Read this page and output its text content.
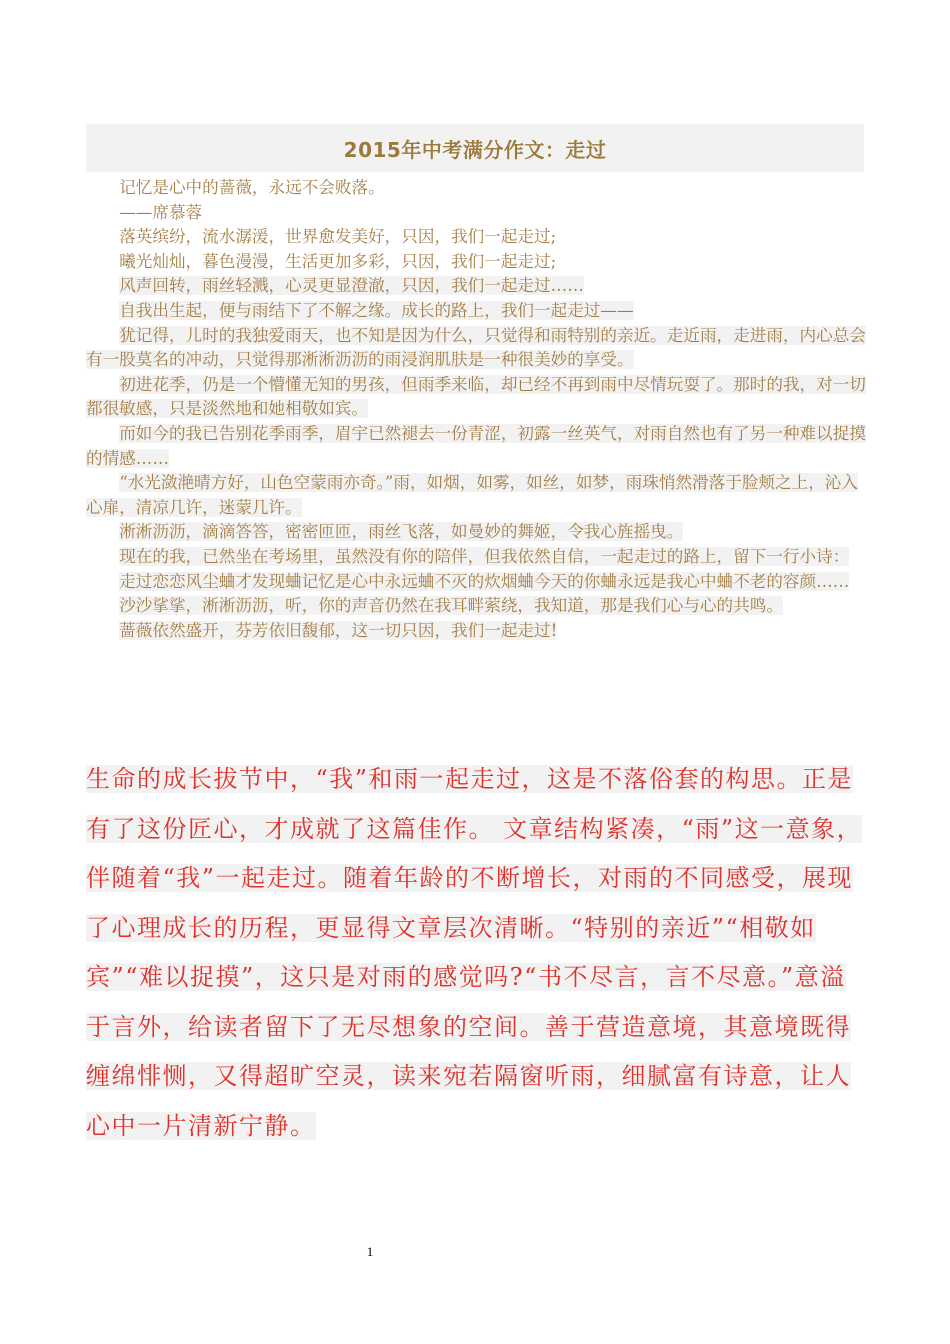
2015年中考满分作文：走过

记忆是心中的蔷薇，永远不会败落。

——席慕蓉

落英缤纷，流水潺湲，世界愈发美好，只因，我们一起走过;

曦光灿灿，暮色漫漫，生活更加多彩，只因，我们一起走过;

风声回转，雨丝轻溅，心灵更显澄澈，只因，我们一起走过……

自我出生起，便与雨结下了不解之缘。成长的路上，我们一起走过——

犹记得，儿时的我独爱雨天，也不知是因为什么，只觉得和雨特别的亲近。走近雨，走进雨，内心总会有一股莫名的冲动，只觉得那淅淅沥沥的雨浸润肌肤是一种很美妙的享受。

初进花季，仍是一个懵懂无知的男孩，但雨季来临，却已经不再到雨中尽情玩耍了。那时的我，对一切都很敏感，只是淡然地和她相敬如宾。

而如今的我已告别花季雨季，眉宇已然褪去一份青涩，初露一丝英气，对雨自然也有了另一种难以捉摸的情感……

“水光潋滟晴方好，山色空蒙雨亦奇。”雨，如烟，如雾，如丝，如梦，雨珠悄然滑落于脸颊之上，沁入心扉，清凉几许，迷蒙几许。

淅淅沥沥，滴滴答答，密密匝匝，雨丝飞落，如曼妙的舞姬，令我心旌摇曳。

现在的我，已然坐在考场里，虽然没有你的陪伴，但我依然自信，一起走过的路上，留下一行小诗：

走过恋恋风尘蛐才发现蛐记忆是心中永远蛐不灭的炊烟蛐今天的你蛐永远是我心中蛐不老的容颜……

沙沙挲挲，淅淅沥沥，听，你的声音仍然在我耳畔萦绕，我知道，那是我们心与心的共鸣。

蔷薇依然盛开，芬芳依旧馥郁，这一切只因，我们一起走过!

生命的成长拔节中，“我”和雨一起走过，这是不落俗套的构思。正是有了这份匠心，才成就了这篇佳作。 文章结构紧凑，“雨”这一意象，伴随着“我”一起走过。随着年龄的不断增长，对雨的不同感受，展现了心理成长的历程，更显得文章层次清晰。“特别的亲近”“相敬如宾”“难以捉摸”，这只是对雨的感觉吗?“书不尽言，言不尽意。”意溢于言外，给读者留下了无尽想象的空间。善于营造意境，其意境既得缠绵悱恻，又得超旷空灵，读来宛若隔窗听雨，细腻富有诗意，让人心中一片清新宁静。

1
